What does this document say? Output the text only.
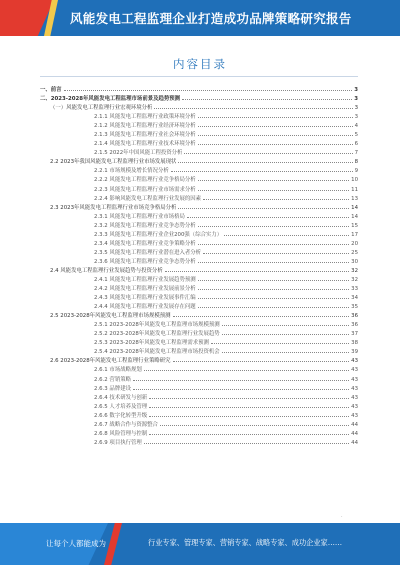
风能发电工程监理企业打造成功品牌策略研究报告
内容目录
一、前言	3
二、2023-2028年风能发电工程监理市场前景及趋势预测	3
（一）风能发电工程监理行业宏观环境分析	3
2.1.1 风能发电工程监理行业政策环境分析	3
2.1.2 风能发电工程监理行业经济环境分析	4
2.1.3 风能发电工程监理行业社会环境分析	5
2.1.4 风能发电工程监理行业技术环境分析	6
2.1.5 2022年中国风能工程投资分析	7
2.2 2023年我国风能发电工程监理行业市场发展现状	8
2.2.1 市场规模及增长情况分析	9
2.2.2 风能发电工程监理行业竞争格局分析	10
2.2.3 风能发电工程监理行业市场需求分析	11
2.2.4 影响风能发电工程监理行业发展的因素	13
2.3 2023年风能发电工程监理行业市场竞争格局分析	14
2.3.1 风能发电工程监理行业市场格局	14
2.3.2 风能发电工程监理行业竞争态势分析	15
2.3.3 风能发电工程监理行业企业200强（综合实力）	17
2.3.4 风能发电工程监理行业竞争策略分析	20
2.3.5 风能发电工程监理行业潜在进入者分析	25
2.3.6 风能发电工程监理行业竞争态势分析	30
2.4 风能发电工程监理行业发展趋势与投资分析	32
2.4.1 风能发电工程监理行业发展趋势预测	32
2.4.2 风能发电工程监理行业发展前景分析	33
2.4.3 风能发电工程监理行业发展事件汇编	34
2.4.4 风能发电工程监理行业发展存在问题	35
2.5 2023-2028年风能发电工程监理市场规模预测	36
2.5.1 2023-2028年风能发电工程监理市场规模预测	36
2.5.2 2023-2028年风能发电工程监理行业发展趋势	37
2.5.3 2023-2028年风能发电工程监理需求预测	38
2.5.4 2023-2028年风能发电工程监理市场投资机会	39
2.6 2023-2028年风能发电工程监理行业策略研究	43
2.6.1 市场战略规划	43
2.6.2 营销策略	43
2.6.3 品牌建设	43
2.6.4 技术研发与创新	43
2.6.5 人才培养及管理	43
2.6.6 数字化转型升级	43
2.6.7 战略合作与资源整合	44
2.6.8 风险管理与控制	44
2.6.9 项目执行管理	44
·
让每个人都能成为	行业专家、管理专家、营销专家、战略专家、成功企业家……
